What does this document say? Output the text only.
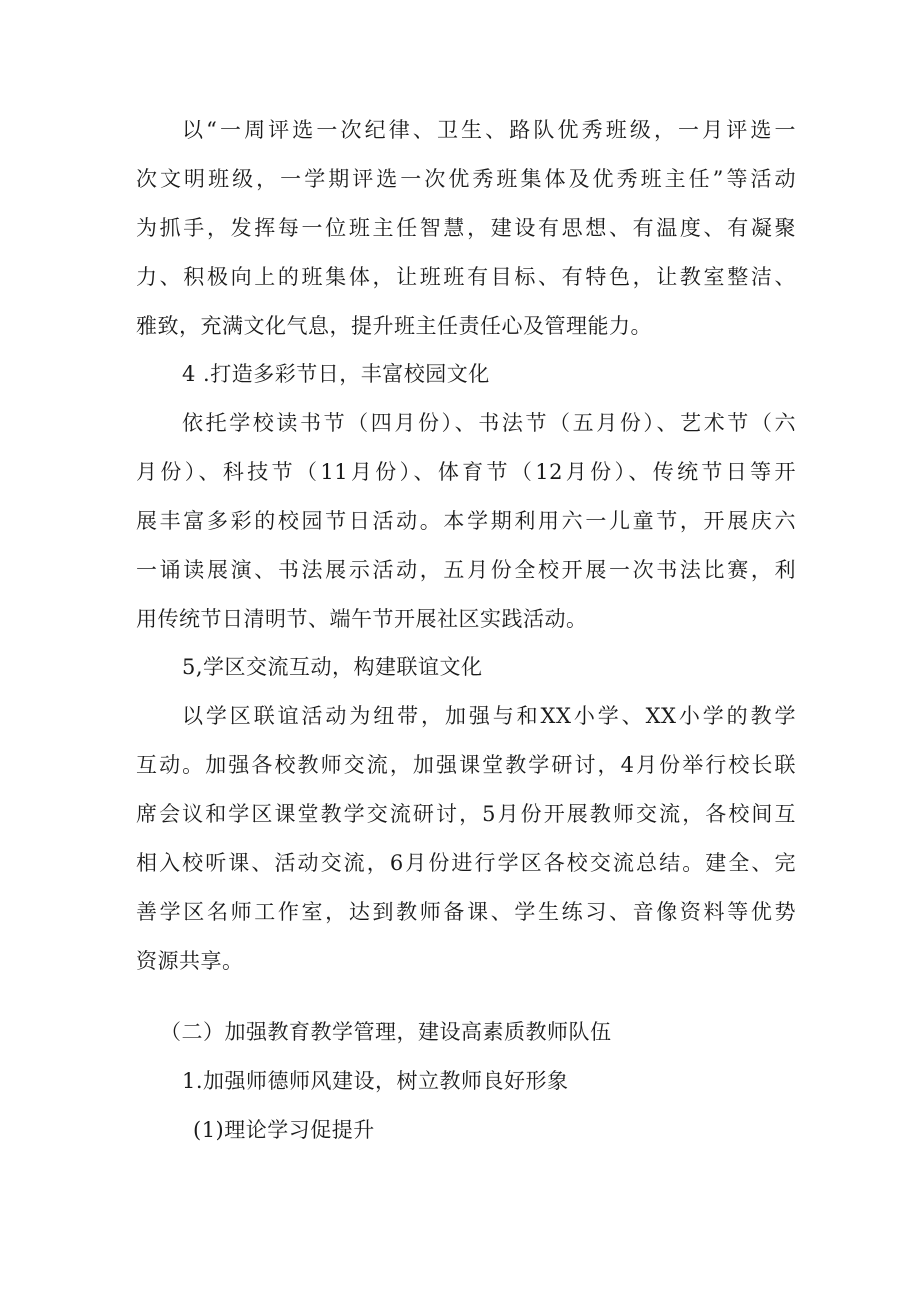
以“一周评选一次纪律、卫生、路队优秀班级，一月评选一
次文明班级，一学期评选一次优秀班集体及优秀班主任”等活动
为抓手，发挥每一位班主任智慧，建设有思想、有温度、有凝聚
力、积极向上的班集体，让班班有目标、有特色，让教室整洁、
雅致，充满文化气息，提升班主任责任心及管理能力。
4 .打造多彩节日，丰富校园文化
依托学校读书节（四月份）、书法节（五月份）、艺术节（六
月份）、科技节（11月份）、体育节（12月份）、传统节日等开
展丰富多彩的校园节日活动。本学期利用六一儿童节，开展庆六
一诵读展演、书法展示活动，五月份全校开展一次书法比赛，利
用传统节日清明节、端午节开展社区实践活动。
5,学区交流互动，构建联谊文化
以学区联谊活动为纽带，加强与和XX小学、XX小学的教学
互动。加强各校教师交流，加强课堂教学研讨，4月份举行校长联
席会议和学区课堂教学交流研讨，5月份开展教师交流，各校间互
相入校听课、活动交流，6月份进行学区各校交流总结。建全、完
善学区名师工作室，达到教师备课、学生练习、音像资料等优势
资源共享。
（二）加强教育教学管理，建设高素质教师队伍
1.加强师德师风建设，树立教师良好形象
(1)理论学习促提升
